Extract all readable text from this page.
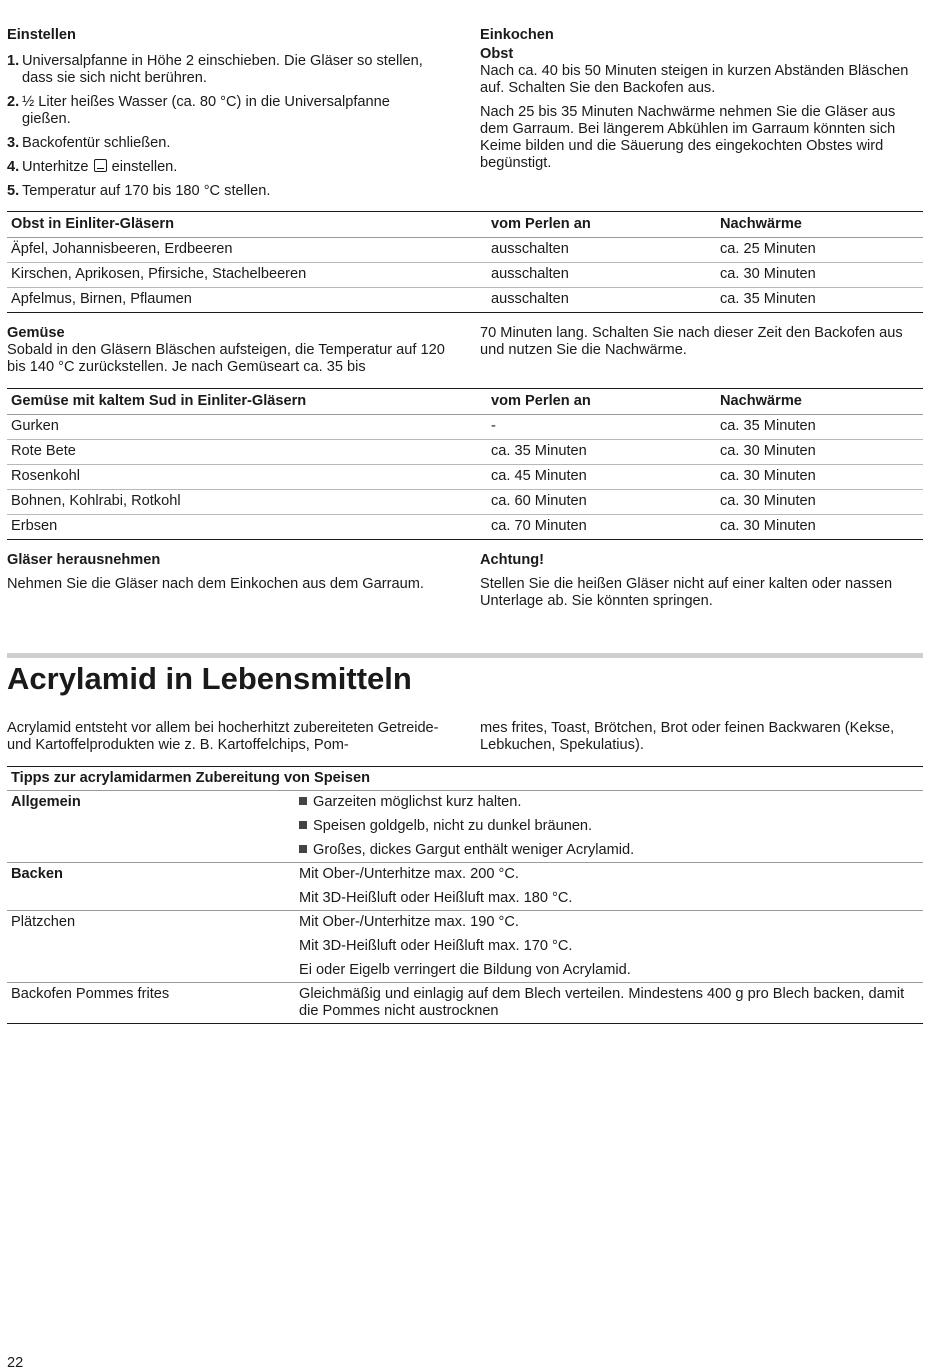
Einstellen
1. Universalpfanne in Höhe 2 einschieben. Die Gläser so stellen, dass sie sich nicht berühren.
2. ½ Liter heißes Wasser (ca. 80 °C) in die Universalpfanne gießen.
3. Backofentür schließen.
4. Unterhitze einstellen.
5. Temperatur auf 170 bis 180 °C stellen.
Einkochen
Obst

Nach ca. 40 bis 50 Minuten steigen in kurzen Abständen Bläschen auf. Schalten Sie den Backofen aus.

Nach 25 bis 35 Minuten Nachwärme nehmen Sie die Gläser aus dem Garraum. Bei längerem Abkühlen im Garraum könnten sich Keime bilden und die Säuerung des eingekochten Obstes wird begünstigt.

Obst in Einliter-Gläsern	vom Perlen an	Nachwärme
Äpfel, Johannisbeeren, Erdbeeren	ausschalten	ca. 25 Minuten
Kirschen, Aprikosen, Pfirsiche, Stachelbeeren	ausschalten	ca. 30 Minuten
Apfelmus, Birnen, Pflaumen	ausschalten	ca. 35 Minuten
Gemüse

Sobald in den Gläsern Bläschen aufsteigen, die Temperatur auf 120 bis 140 °C zurückstellen. Je nach Gemüseart ca. 35 bis

70 Minuten lang. Schalten Sie nach dieser Zeit den Backofen aus und nutzen Sie die Nachwärme.

Gemüse mit kaltem Sud in Einliter-Gläsern	vom Perlen an	Nachwärme
Gurken	-	ca. 35 Minuten
Rote Bete	ca. 35 Minuten	ca. 30 Minuten
Rosenkohl	ca. 45 Minuten	ca. 30 Minuten
Bohnen, Kohlrabi, Rotkohl	ca. 60 Minuten	ca. 30 Minuten
Erbsen	ca. 70 Minuten	ca. 30 Minuten
Gläser herausnehmen

Nehmen Sie die Gläser nach dem Einkochen aus dem Garraum.

Achtung!

Stellen Sie die heißen Gläser nicht auf einer kalten oder nassen Unterlage ab. Sie könnten springen.

Acrylamid in Lebensmitteln

Acrylamid entsteht vor allem bei hocherhitzt zubereiteten Getreide- und Kartoffelprodukten wie z. B. Kartoffelchips, Pom-

mes frites, Toast, Brötchen, Brot oder feinen Backwaren (Kekse, Lebkuchen, Spekulatius).

Tipps zur acrylamidarmen Zubereitung von Speisen	
Allgemein	Garzeiten möglichst kurz halten.
Speisen goldgelb, nicht zu dunkel bräunen.
Großes, dickes Gargut enthält weniger Acrylamid.

Backen	Mit Ober-/Unterhitze max. 200 °C.
Mit 3D-Heißluft oder Heißluft max. 180 °C.

Plätzchen	Mit Ober-/Unterhitze max. 190 °C.
Mit 3D-Heißluft oder Heißluft max. 170 °C.
Ei oder Eigelb verringert die Bildung von Acrylamid.

Backofen Pommes frites	Gleichmäßig und einlagig auf dem Blech verteilen. Mindestens 400 g pro Blech backen, damit die Pommes nicht austrocknen
22
